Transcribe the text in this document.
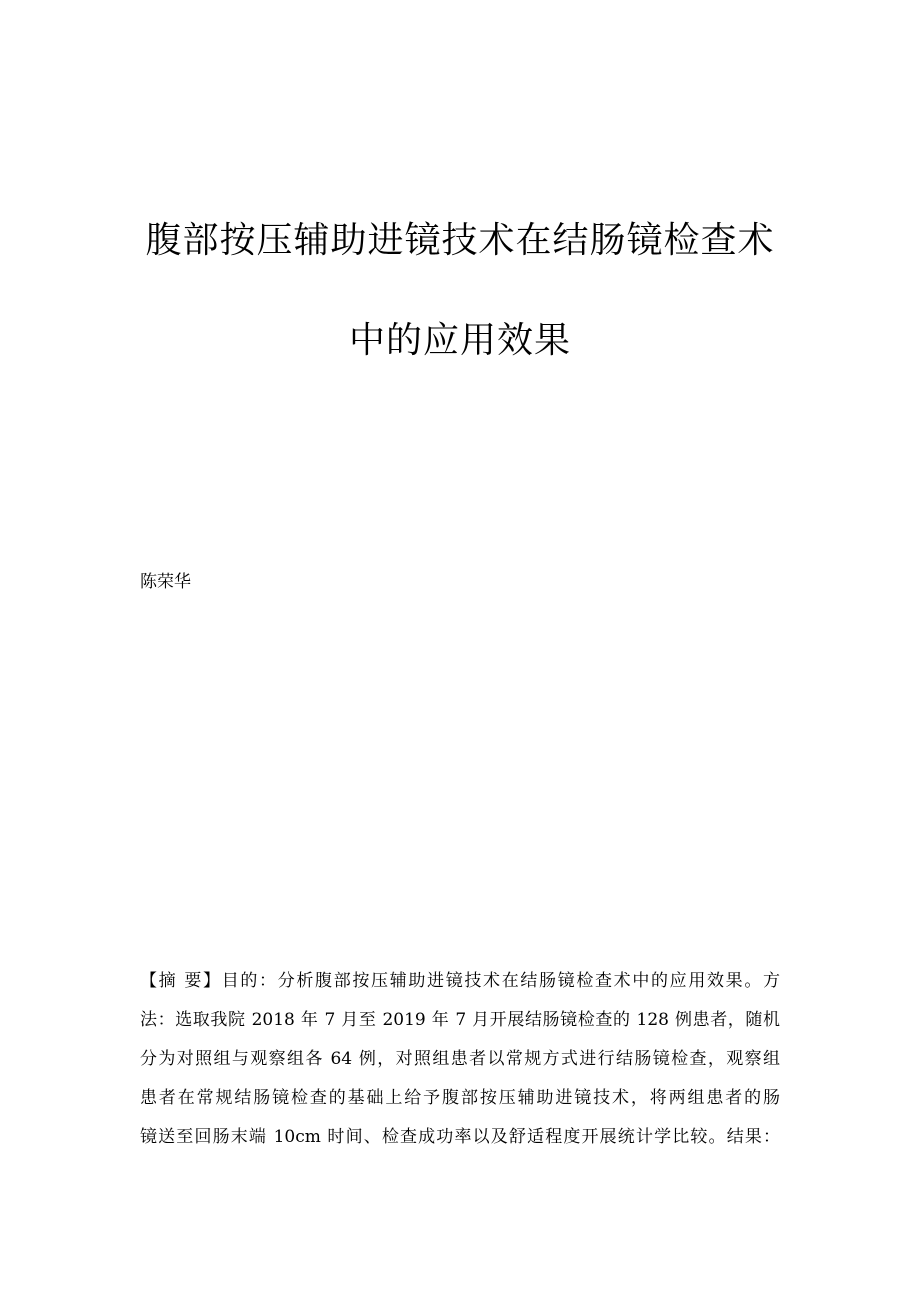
腹部按压辅助进镜技术在结肠镜检查术
中的应用效果
陈荣华
【摘 要】目的：分析腹部按压辅助进镜技术在结肠镜检查术中的应用效果。方
法：选取我院 2018 年 7 月至 2019 年 7 月开展结肠镜检查的 128 例患者，随机
分为对照组与观察组各 64 例，对照组患者以常规方式进行结肠镜检查，观察组
患者在常规结肠镜检查的基础上给予腹部按压辅助进镜技术，将两组患者的肠
镜送至回肠末端 10cm 时间、检查成功率以及舒适程度开展统计学比较。结果：
